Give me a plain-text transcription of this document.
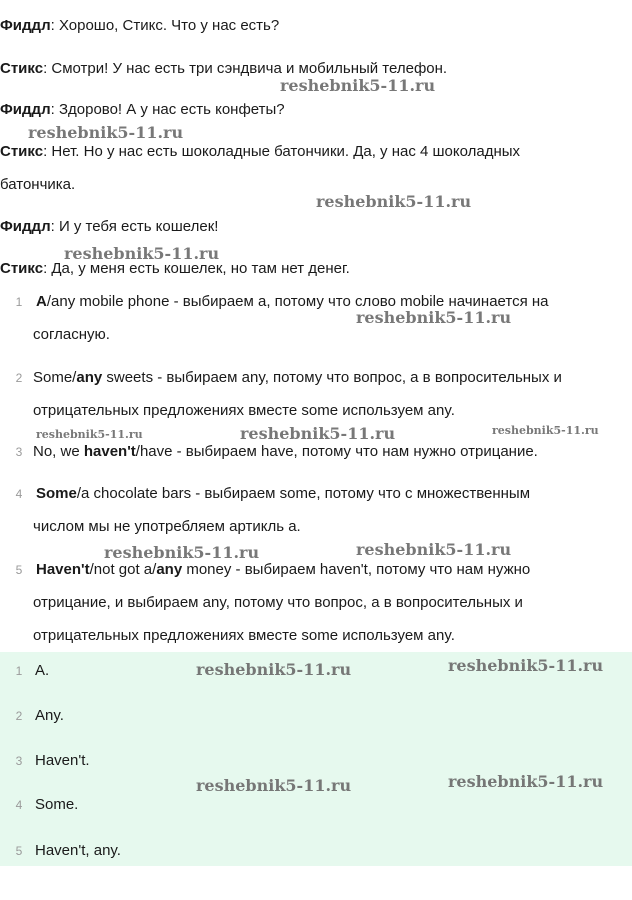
Фиддл: Хорошо, Стикс. Что у нас есть?
Стикс: Смотри! У нас есть три сэндвича и мобильный телефон.
Фиддл: Здорово! А у нас есть конфеты?
Стикс: Нет. Но у нас есть шоколадные батончики. Да, у нас 4 шоколадных
батончика.
Фиддл: И у тебя есть кошелек!
Стикс: Да, у меня есть кошелек, но там нет денег.
1 A/any mobile phone - выбираем a, потому что слово mobile начинается на
согласную.
2 Some/any sweets - выбираем any, потому что вопрос, а в вопросительных и
отрицательных предложениях вместе some используем any.
3 No, we haven't/have - выбираем have, потому что нам нужно отрицание.
4 Some/a chocolate bars - выбираем some, потому что с множественным
числом мы не употребляем артикль a.
5 Haven't/not got a/any money - выбираем haven't, потому что нам нужно
отрицание, и выбираем any, потому что вопрос, а в вопросительных и
отрицательных предложениях вместе some используем any.
1 A.
2 Any.
3 Haven't.
4 Some.
5 Haven't, any.
reshebnik5-11.ru
reshebnik5-11.ru
reshebnik5-11.ru
reshebnik5-11.ru
reshebnik5-11.ru
reshebnik5-11.ru	reshebnik5-11.ru	reshebnik5-11.ru
reshebnik5-11.ru	reshebnik5-11.ru
reshebnik5-11.ru	reshebnik5-11.ru
reshebnik5-11.ru	reshebnik5-11.ru
